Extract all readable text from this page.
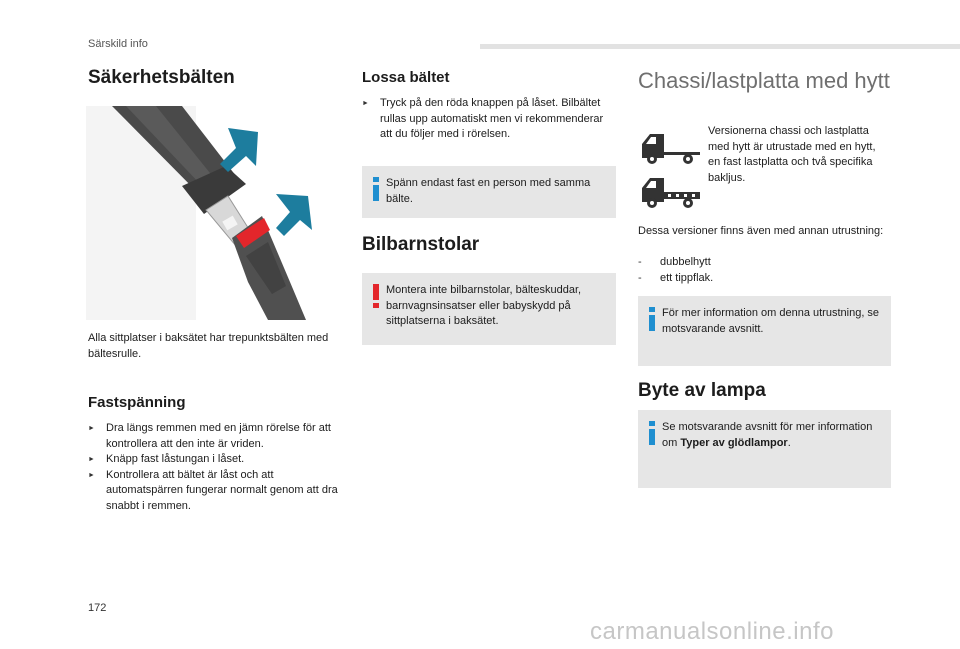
Särskild info
Säkerhetsbälten
Alla sittplatser i baksätet har trepunktsbälten med bältesrulle.
Fastspänning
► Dra längs remmen med en jämn rörelse för att kontrollera att den inte är vriden.
► Knäpp fast låstungan i låset.
► Kontrollera att bältet är låst och att automatspärren fungerar normalt genom att dra snabbt i remmen.
Lossa bältet
► Tryck på den röda knappen på låset. Bilbältet rullas upp automatiskt men vi rekommenderar att du följer med i rörelsen.
Spänn endast fast en person med samma bälte.
Bilbarnstolar
Montera inte bilbarnstolar, bälteskuddar, barnvagnsinsatser eller babyskydd på sittplatserna i baksätet.
Chassi/lastplatta med hytt
Versionerna chassi och lastplatta med hytt är utrustade med en hytt, en fast lastplatta och två specifika bakljus.
Dessa versioner finns även med annan utrustning:
- dubbelhytt
- ett tippflak.
För mer information om denna utrustning, se motsvarande avsnitt.
Byte av lampa
Se motsvarande avsnitt för mer information om Typer av glödlampor.
172
carmanualsonline.info
